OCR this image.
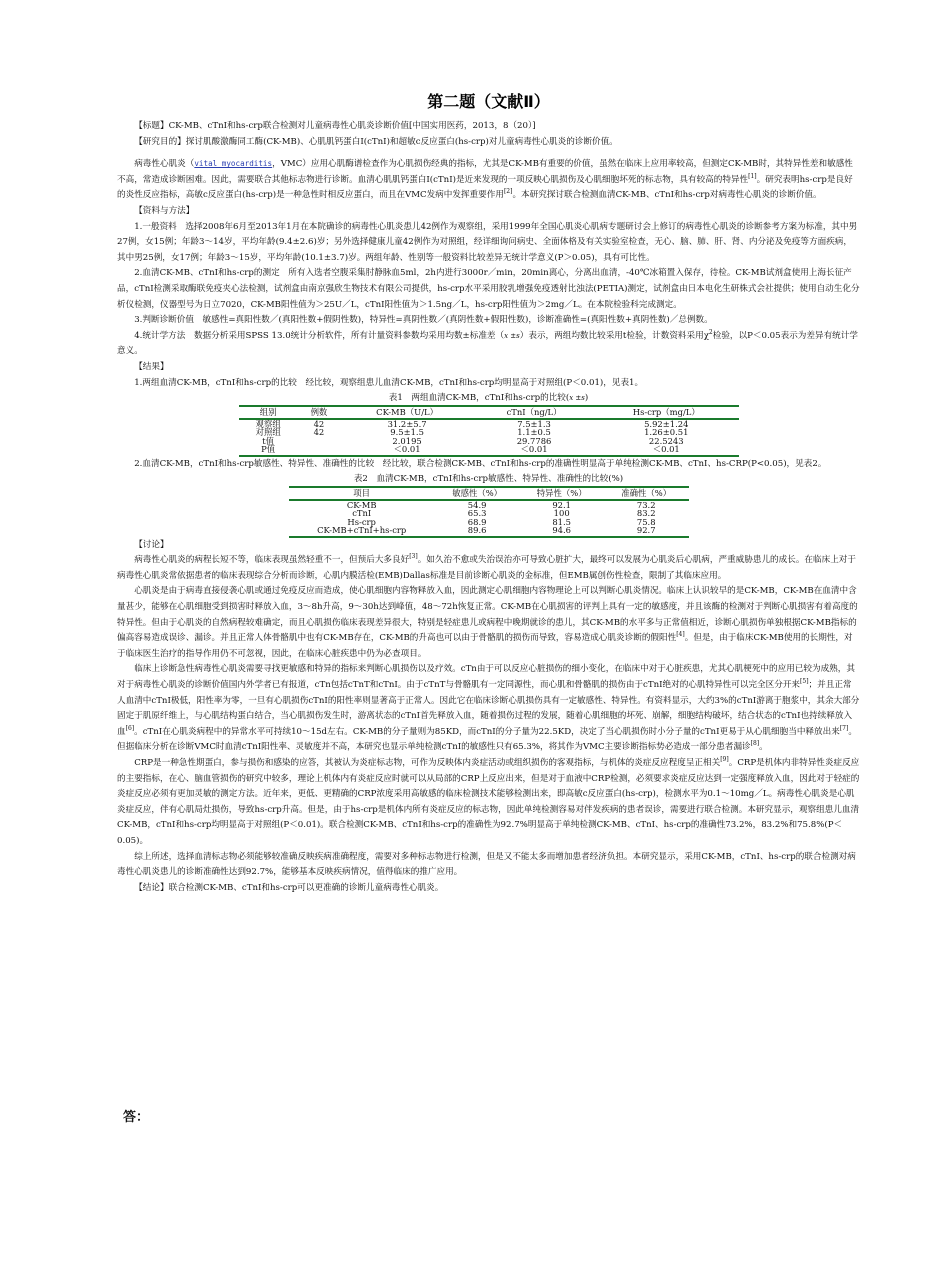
第二题（文献Ⅱ）

【标题】CK-MB、cTnI和hs-crp联合检测对儿童病毒性心肌炎诊断价值[中国实用医药，2013，8（20）]

【研究目的】探讨肌酸激酶同工酶(CK-MB)、心肌肌钙蛋白Ⅰ(cTnI)和超敏c反应蛋白(hs-crp)对儿童病毒性心肌炎的诊断价值。

病毒性心肌炎（vital myocarditis，VMC）应用心肌酶谱检查作为心肌损伤经典的指标，尤其是CK-MB有重要的价值，虽然在临床上应用率较高，但测定CK-MB时，其特异性差和敏感性不高，常造成诊断困难。因此，需要联合其他标志物进行诊断。血清心肌肌钙蛋白Ⅰ(cTnI)是近来发现的一项反映心肌损伤及心肌细胞坏死的标志物，具有较高的特异性[1]。研究表明hs-crp是良好的炎性反应指标，高敏c反应蛋白(hs-crp)是一种急性时相反应蛋白，而且在VMC发病中发挥重要作用[2]。本研究探讨联合检测血清CK-MB、cTnI和hs-crp对病毒性心肌炎的诊断价值。

【资料与方法】

1.一般资料　选择2008年6月至2013年1月在本院确诊的病毒性心肌炎患儿42例作为观察组，采用1999年全国心肌炎心肌病专题研讨会上修订的病毒性心肌炎的诊断参考方案为标准，其中男27例，女15例；年龄3～14岁，平均年龄(9.4±2.6)岁；另外选择健康儿童42例作为对照组，经详细询问病史、全面体格及有关实验室检查，无心、脑、肺、肝、肾、内分泌及免疫等方面疾病，其中男25例，女17例；年龄3～15岁，平均年龄(10.1±3.7)岁。两组年龄、性别等一般资料比较差异无统计学意义(P＞0.05)，具有可比性。

2.血清CK-MB、cTnI和hs-crp的测定　所有入选者空腹采集肘静脉血5ml，2h内进行3000r／min，20min离心，分离出血清，-40℃冰箱置入保存，待检。CK-MB试剂盒使用上海长征产品，cTnI检测采取酶联免疫夹心法检测，试剂盒由南京强欣生物技术有限公司提供，hs-crp水平采用胶乳增强免疫透射比浊法(PETIA)测定，试剂盒由日本电化生研株式会社提供；使用自动生化分析仪检测，仪器型号为日立7020，CK-MB阳性值为＞25U／L，cTnI阳性值为＞1.5ng／L，hs-crp阳性值为＞2mg／L。在本院检验科完成测定。

3.判断诊断价值　敏感性=真阳性数／(真阳性数+假阴性数)，特异性=真阴性数／(真阴性数+假阳性数)，诊断准确性=(真阳性数+真阴性数)／总例数。

4.统计学方法　数据分析采用SPSS 13.0统计分析软件，所有计量资料参数均采用均数±标准差（x ±s）表示，两组均数比较采用t检验，计数资料采用$\chi^2$检验，以P＜0.05表示为差异有统计学意义。

【结果】

1.两组血清CK-MB，cTnI和hs-crp的比较　经比较，观察组患儿血清CK-MB，cTnI和hs-crp均明显高于对照组(P＜0.01)，见表1。

表1　两组血清CK-MB，cTnI和hs-crp的比较(x ±s)
组别	例数	CK-MB（U/L）	cTnI（ng/L）	Hs-crp（mg/L）
观察组	42	31.2±5.7	7.5±1.3	5.92±1.24
对照组	42	9.5±1.5	1.1±0.5	1.26±0.51
t值		2.0195	29.7786	22.5243
P值		＜0.01	＜0.01	＜0.01

2.血清CK-MB，cTnI和hs-crp敏感性、特异性、准确性的比较　经比较，联合检测CK-MB、cTnI和hs-crp的准确性明显高于单纯检测CK-MB、cTnI、hs-CRP(P<0.05)，见表2。

表2　血清CK-MB，cTnI和hs-crp敏感性、特异性、准确性的比较(%)
项目	敏感性（%）	特异性（%）	准确性（%）
CK-MB	54.9	92.1	73.2
cTnI	65.3	100	83.2
Hs-crp	68.9	81.5	75.8
CK-MB+cTnI+hs-crp	89.6	94.6	92.7

【讨论】

病毒性心肌炎的病程长短不等，临床表现虽然轻重不一，但预后大多良好[3]。如久治不愈或失治误治亦可导致心脏扩大，最终可以发展为心肌炎后心肌病，严重威胁患儿的成长。在临床上对于病毒性心肌炎常依据患者的临床表现综合分析而诊断，心肌内膜活检(EMB)Dallas标准是目前诊断心肌炎的金标准，但EMB属创伤性检查，限制了其临床应用。

心肌炎是由于病毒直接侵袭心肌或通过免疫反应而造成，使心肌细胞内容物释放入血，因此测定心肌细胞内容物理论上可以判断心肌炎情况。临床上认识较早的是CK-MB，CK-MB在血清中含量甚少，能够在心肌细胞受到损害时释放入血，3～8h升高，9～30h达到峰值，48～72h恢复正常。CK-MB在心肌损害的评判上具有一定的敏感度，并且该酶的检测对于判断心肌损害有着高度的特异性。但由于心肌炎的自然病程较难确定，而且心肌损伤临床表现差异很大，特别是轻症患儿或病程中晚期就诊的患儿，其CK-MB的水平多与正常值相近，诊断心肌损伤单独根据CK-MB指标的偏高容易造成误诊、漏诊。并且正常人体骨骼肌中也有CK-MB存在，CK-MB的升高也可以由于骨骼肌的损伤而导致，容易造成心肌炎诊断的假阳性[4]。但是，由于临床CK-MB使用的长期性，对于临床医生治疗的指导作用仍不可忽视，因此，在临床心脏疾患中仍为必查项目。

临床上诊断急性病毒性心肌炎需要寻找更敏感和特异的指标来判断心肌损伤以及疗效。cTn由于可以反应心脏损伤的细小变化，在临床中对于心脏疾患，尤其心肌梗死中的应用已较为成熟，其对于病毒性心肌炎的诊断价值国内外学者已有报道，cTn包括cTnT和cTnI。由于cTnT与骨骼肌有一定同源性，而心肌和骨骼肌的损伤由于cTnI绝对的心肌特异性可以完全区分开来[5]；并且正常人血清中cTnI极低，阳性率为零，一旦有心肌损伤cTnI的阳性率则显著高于正常人。因此它在临床诊断心肌损伤具有一定敏感性、特异性。有资料显示，大约3%的cTnI游离于胞浆中，其余大部分固定于肌原纤维上，与心肌结构蛋白结合，当心肌损伤发生时，游离状态的cTnI首先释放入血，随着损伤过程的发展，随着心肌细胞的坏死、崩解，细胞结构破坏，结合状态的cTnI也持续释放入血[6]。cTnI在心肌炎病程中的异常水平可持续10～15d左右。CK-MB的分子量则为85KD，而cTnI的分子量为22.5KD，决定了当心肌损伤时小分子量的cTnI更易于从心肌细胞当中释放出来[7]。但据临床分析在诊断VMC时血清cTnI阳性率、灵敏度并不高，本研究也显示单纯检测cTnI的敏感性只有65.3%，将其作为VMC主要诊断指标势必造成一部分患者漏诊[8]。

CRP是一种急性期蛋白，参与损伤和感染的应答，其被认为炎症标志物，可作为反映体内炎症活动或组织损伤的客观指标，与机体的炎症反应程度呈正相关[9]。CRP是机体内非特异性炎症反应的主要指标，在心、脑血管损伤的研究中较多，理论上机体内有炎症反应时就可以从局部的CRP上反应出来，但是对于血液中CRP检测，必须要求炎症反应达到一定强度释放入血，因此对于轻症的炎症反应必须有更加灵敏的测定方法。近年来，更低、更精确的CRP浓度采用高敏感的临床检测技术能够检测出来，即高敏c反应蛋白(hs-crp)，检测水平为0.1～10mg／L。病毒性心肌炎是心肌炎症反应，伴有心肌局灶损伤，导致hs-crp升高。但是，由于hs-crp是机体内所有炎症反应的标志物，因此单纯检测容易对伴发疾病的患者误诊，需要进行联合检测。本研究显示，观察组患儿血清CK-MB，cTnI和hs-crp均明显高于对照组(P＜0.01)。联合检测CK-MB、cTnI和hs-crp的准确性为92.7%明显高于单纯检测CK-MB、cTnI、hs-crp的准确性73.2%，83.2%和75.8%(P＜0.05)。

综上所述，选择血清标志物必须能够较准确反映疾病准确程度，需要对多种标志物进行检测，但是又不能太多而增加患者经济负担。本研究显示，采用CK-MB，cTnI、hs-crp的联合检测对病毒性心肌炎患儿的诊断准确性达到92.7%，能够基本反映疾病情况，值得临床的推广应用。

【结论】联合检测CK-MB、cTnⅠ和hs-crp可以更准确的诊断儿童病毒性心肌炎。

答：
